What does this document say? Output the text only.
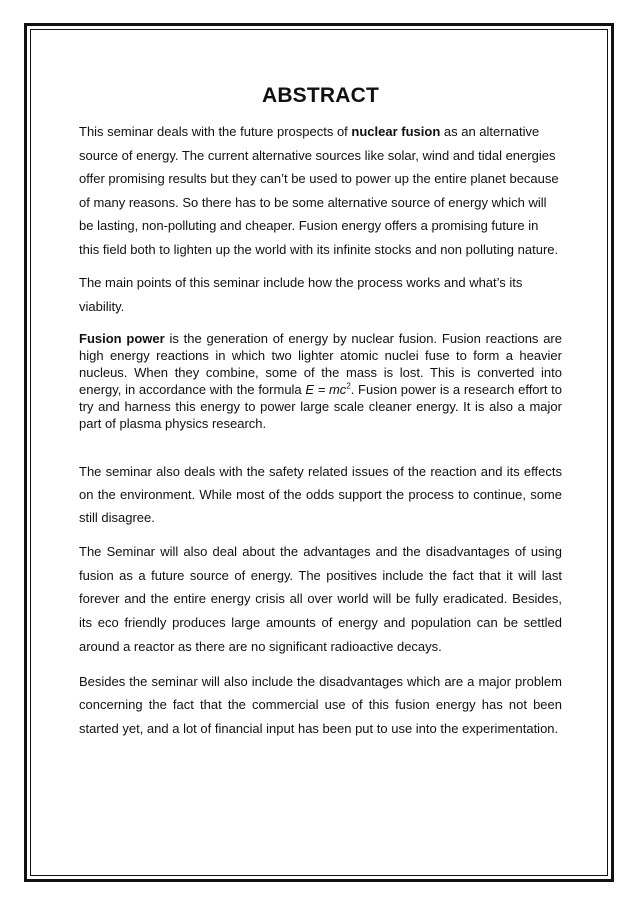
ABSTRACT

This seminar deals with the future prospects of nuclear fusion as an alternative source of energy. The current alternative sources like solar, wind and tidal energies offer promising results but they can’t be used to power up the entire planet because of many reasons. So there has to be some alternative source of energy which will be lasting, non-polluting and cheaper. Fusion energy offers a promising future in this field both to lighten up the world with its infinite stocks and non polluting nature.

The main points of this seminar include how the process works and what’s its viability.

Fusion power is the generation of energy by nuclear fusion. Fusion reactions are high energy reactions in which two lighter atomic nuclei fuse to form a heavier nucleus. When they combine, some of the mass is lost. This is converted into energy, in accordance with the formula $E = mc^2$. Fusion power is a research effort to try and harness this energy to power large scale cleaner energy. It is also a major part of plasma physics research.

The seminar also deals with the safety related issues of the reaction and its effects on the environment. While most of the odds support the process to continue, some still disagree.

The Seminar will also deal about the advantages and the disadvantages of using fusion as a future source of energy. The positives include the fact that it will last forever and the entire energy crisis all over world will be fully eradicated. Besides, its eco friendly produces large amounts of energy and population can be settled around a reactor as there are no significant radioactive decays.

Besides the seminar will also include the disadvantages which are a major problem concerning the fact that the commercial use of this fusion energy has not been started yet, and a lot of financial input has been put to use into the experimentation.
